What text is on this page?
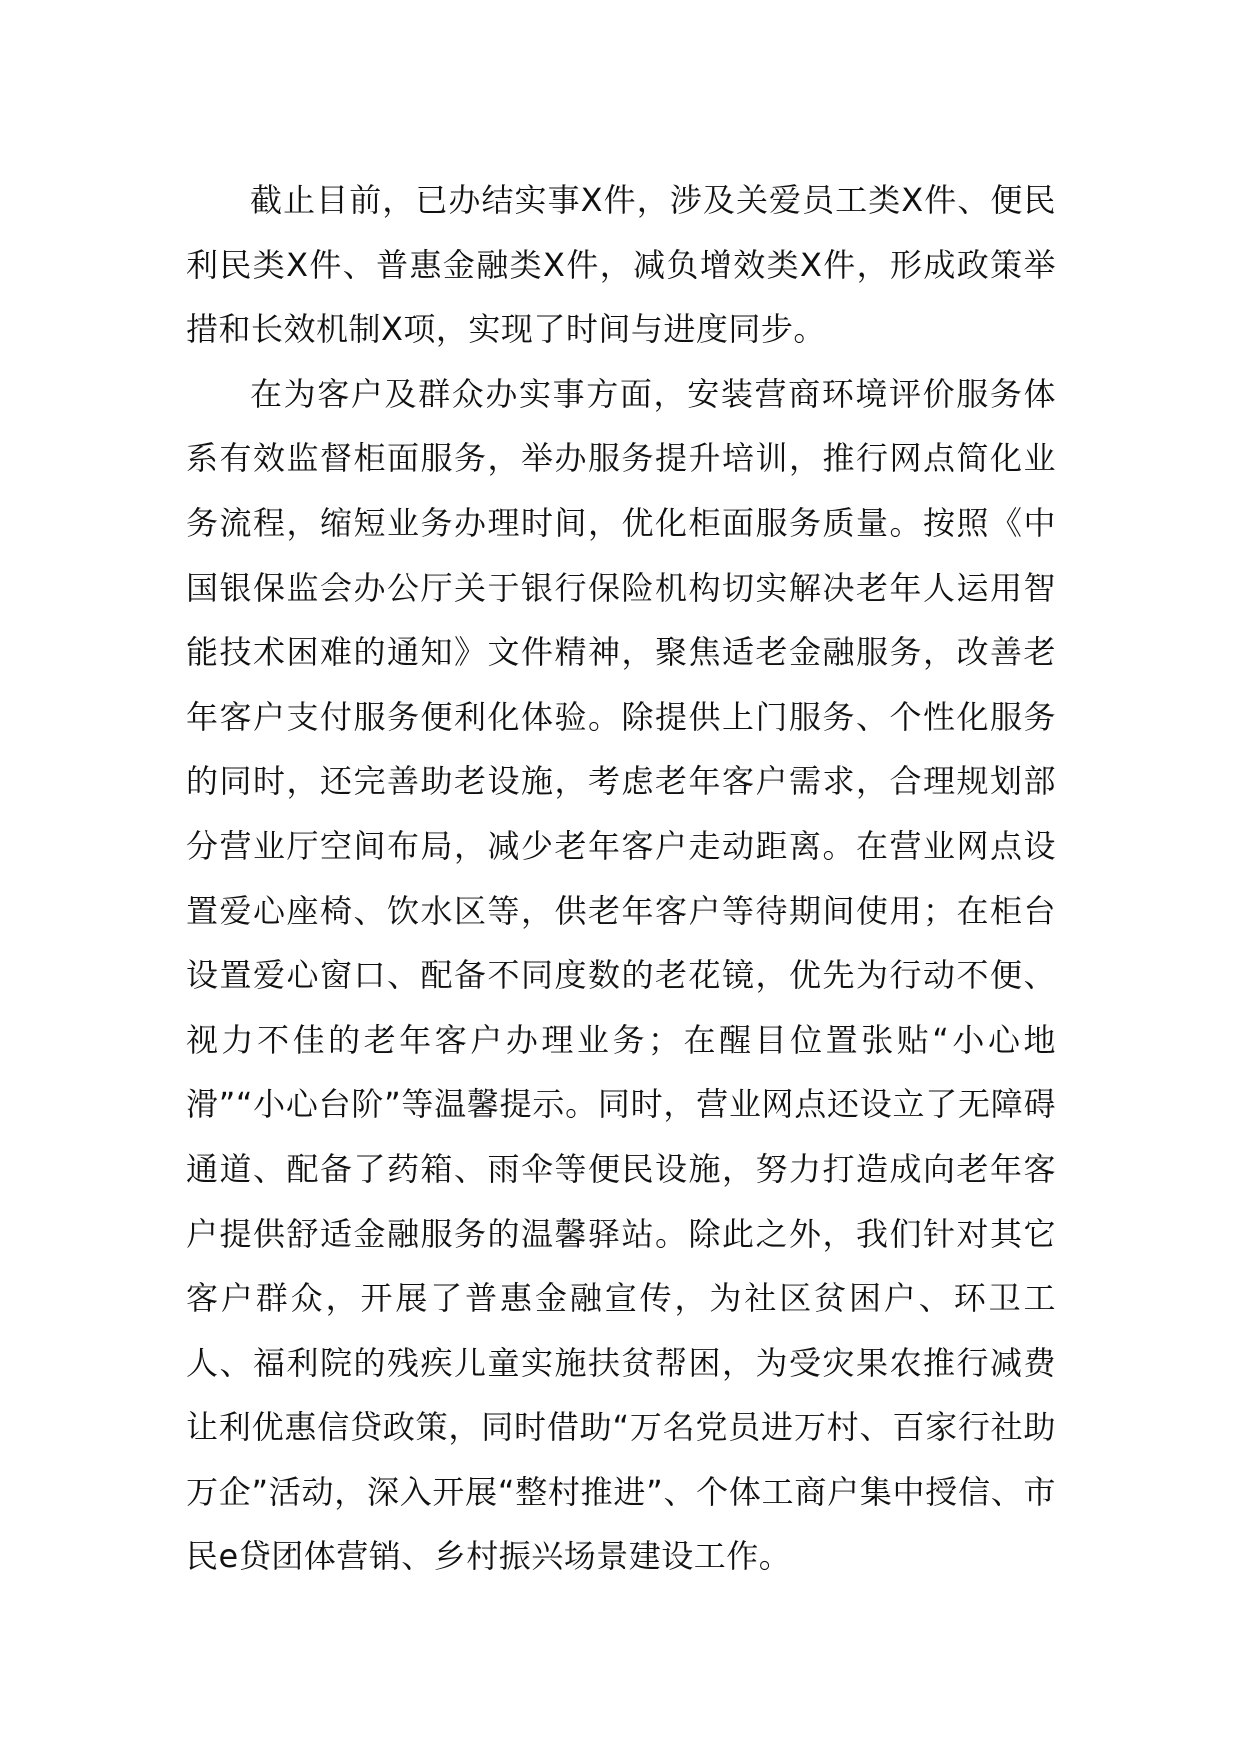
截止目前，已办结实事X件，涉及关爱员工类X件、便民利民类X件、普惠金融类X件，减负增效类X件，形成政策举措和长效机制X项，实现了时间与进度同步。

在为客户及群众办实事方面，安装营商环境评价服务体系有效监督柜面服务，举办服务提升培训，推行网点简化业务流程，缩短业务办理时间，优化柜面服务质量。按照《中国银保监会办公厅关于银行保险机构切实解决老年人运用智能技术困难的通知》文件精神，聚焦适老金融服务，改善老年客户支付服务便利化体验。除提供上门服务、个性化服务的同时，还完善助老设施，考虑老年客户需求，合理规划部分营业厅空间布局，减少老年客户走动距离。在营业网点设置爱心座椅、饮水区等，供老年客户等待期间使用；在柜台设置爱心窗口、配备不同度数的老花镜，优先为行动不便、视力不佳的老年客户办理业务；在醒目位置张贴“小心地滑”“小心台阶”等温馨提示。同时，营业网点还设立了无障碍通道、配备了药箱、雨伞等便民设施，努力打造成向老年客户提供舒适金融服务的温馨驿站。除此之外，我们针对其它客户群众，开展了普惠金融宣传，为社区贫困户、环卫工人、福利院的残疾儿童实施扶贫帮困，为受灾果农推行减费让利优惠信贷政策，同时借助“万名党员进万村、百家行社助万企”活动，深入开展“整村推进”、个体工商户集中授信、市民e贷团体营销、乡村振兴场景建设工作。
